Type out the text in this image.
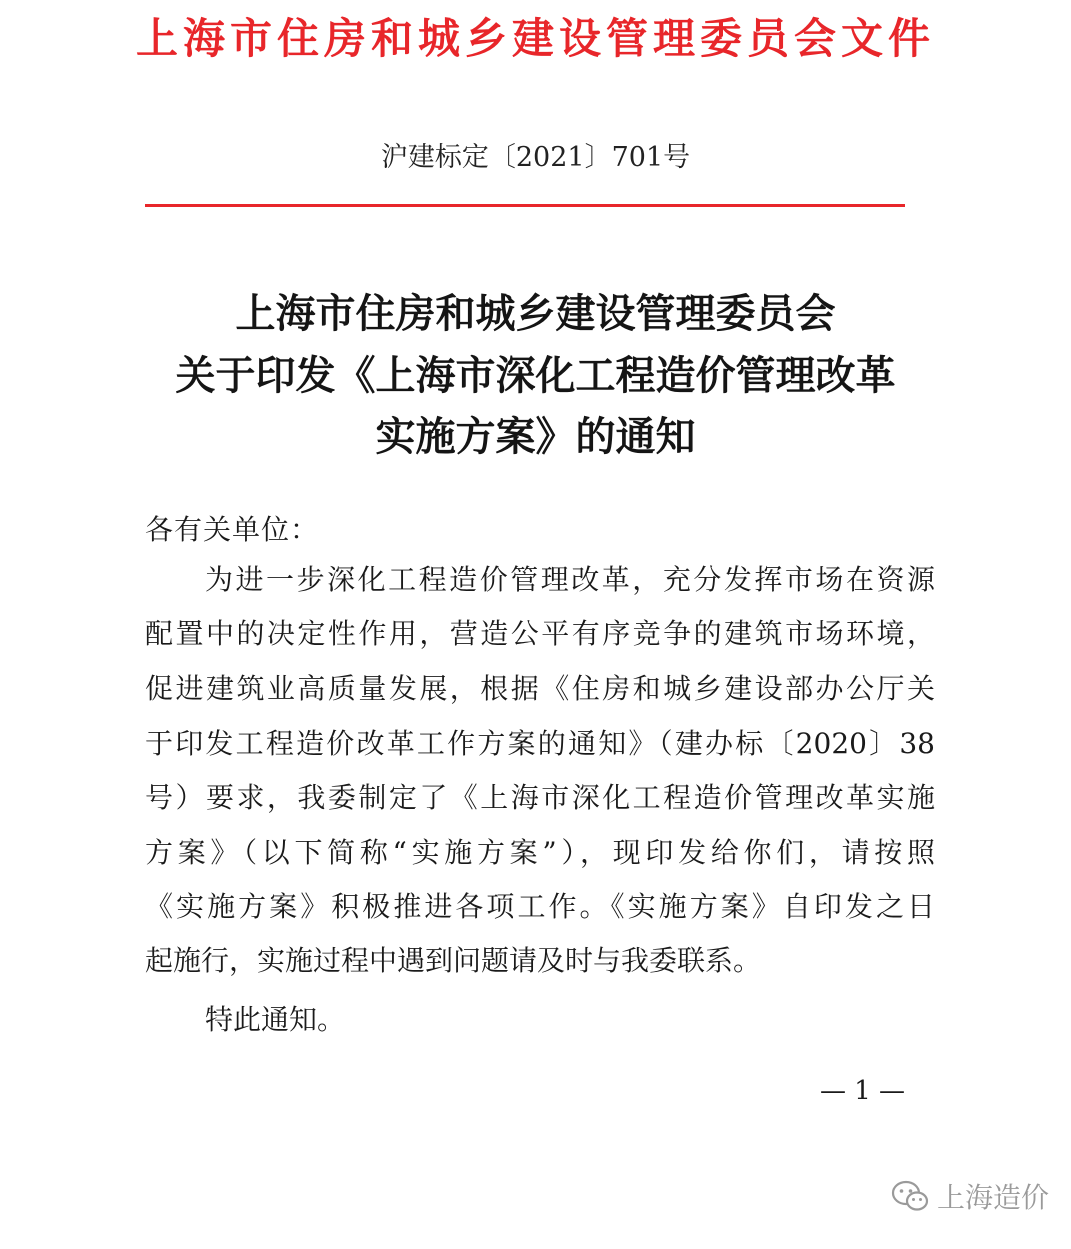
上海市住房和城乡建设管理委员会文件
沪建标定〔2021〕701号
上海市住房和城乡建设管理委员会
关于印发《上海市深化工程造价管理改革
实施方案》的通知
各有关单位：
为进一步深化工程造价管理改革，充分发挥市场在资源
配置中的决定性作用，营造公平有序竞争的建筑市场环境，
促进建筑业高质量发展，根据《住房和城乡建设部办公厅关
于印发工程造价改革工作方案的通知》（建办标〔2020〕38
号）要求，我委制定了《上海市深化工程造价管理改革实施
方案》（以下简称“实施方案”），现印发给你们，请按照
《实施方案》积极推进各项工作。《实施方案》自印发之日
起施行，实施过程中遇到问题请及时与我委联系。
特此通知。
— 1 —
上海造价
